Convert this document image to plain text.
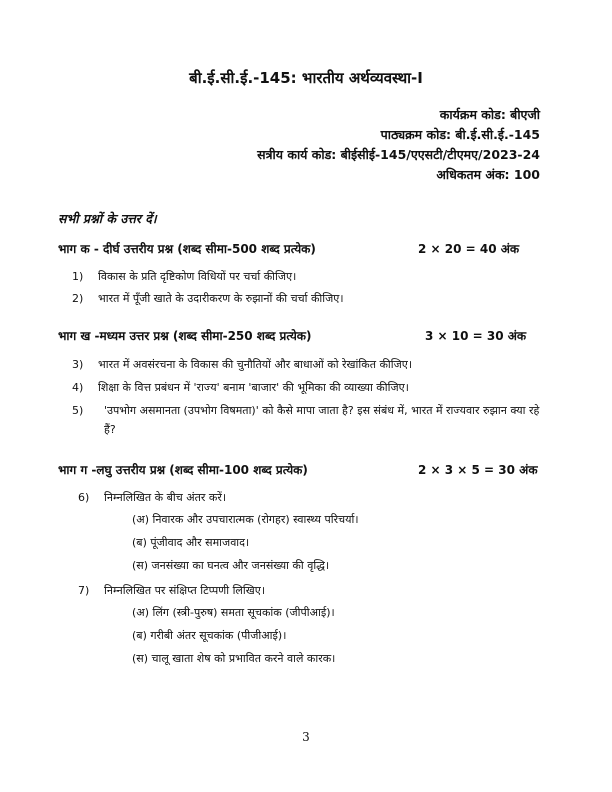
बी.ई.सी.ई.-145: भारतीय अर्थव्यवस्था-I
कार्यक्रम कोड: बीएजी
पाठ्यक्रम कोड: बी.ई.सी.ई.-145
सत्रीय कार्य कोड: बीईसीई-145/एएसटी/टीएमए/2023-24
अधिकतम अंक: 100
सभी प्रश्नों के उत्तर दें।
भाग क - दीर्घ उत्तरीय प्रश्न (शब्द सीमा-500 शब्द प्रत्येक)	2 × 20 = 40 अंक
1) विकास के प्रति दृष्टिकोण विधियों पर चर्चा कीजिए।
2) भारत में पूँजी खाते के उदारीकरण के रुझानों की चर्चा कीजिए।
भाग ख -मध्यम उत्तर प्रश्न (शब्द सीमा-250 शब्द प्रत्येक)	3 × 10 = 30 अंक
3) भारत में अवसंरचना के विकास की चुनौतियों और बाधाओं को रेखांकित कीजिए।
4) शिक्षा के वित्त प्रबंधन में 'राज्य' बनाम 'बाजार' की भूमिका की व्याख्या कीजिए।
5)	'उपभोग असमानता (उपभोग विषमता)' को कैसे मापा जाता है? इस संबंध में, भारत में राज्यवार रुझान क्या रहे हैं?
भाग ग -लघु उत्तरीय प्रश्न (शब्द सीमा-100 शब्द प्रत्येक)	2 × 3 × 5 = 30 अंक
6) निम्नलिखित के बीच अंतर करें।
(अ) निवारक और उपचारात्मक (रोगहर) स्वास्थ्य परिचर्या।
(ब) पूंजीवाद और समाजवाद।
(स) जनसंख्या का घनत्व और जनसंख्या की वृद्धि।
7) निम्नलिखित पर संक्षिप्त टिप्पणी लिखिए।
(अ) लिंग (स्त्री-पुरुष) समता सूचकांक (जीपीआई)।
(ब) गरीबी अंतर सूचकांक (पीजीआई)।
(स) चालू खाता शेष को प्रभावित करने वाले कारक।
3
